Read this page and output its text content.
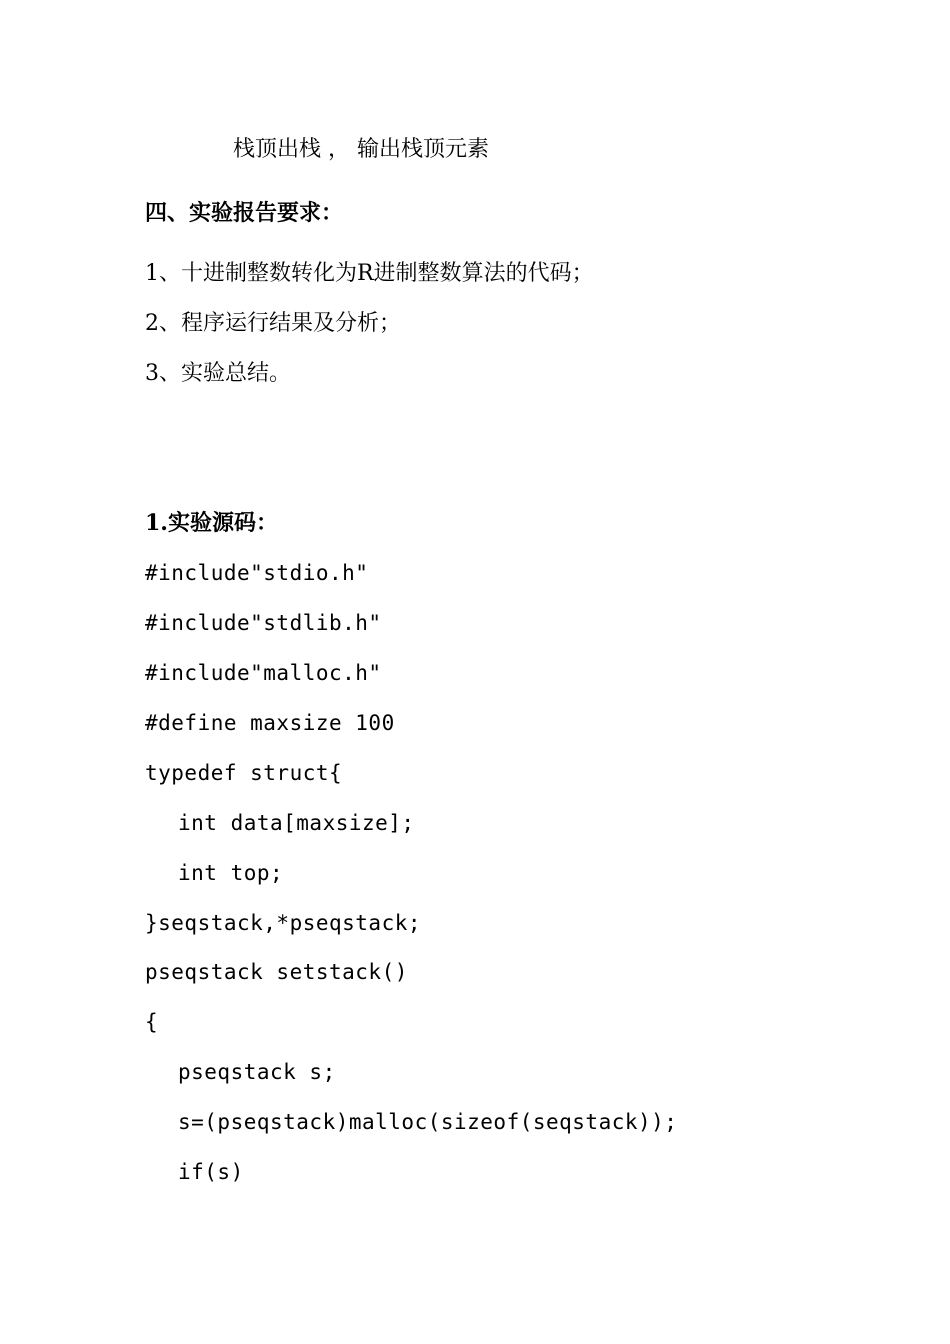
栈顶出栈 ， 输出栈顶元素
四、实验报告要求：
1、十进制整数转化为R进制整数算法的代码；
2、程序运行结果及分析；
3、实验总结。
1.实验源码：
#include"stdio.h"
#include"stdlib.h"
#include"malloc.h"
#define maxsize 100
typedef struct{
int data[maxsize];
int top;
}seqstack,*pseqstack;
pseqstack setstack()
{
pseqstack s;
s=(pseqstack)malloc(sizeof(seqstack));
if(s)
